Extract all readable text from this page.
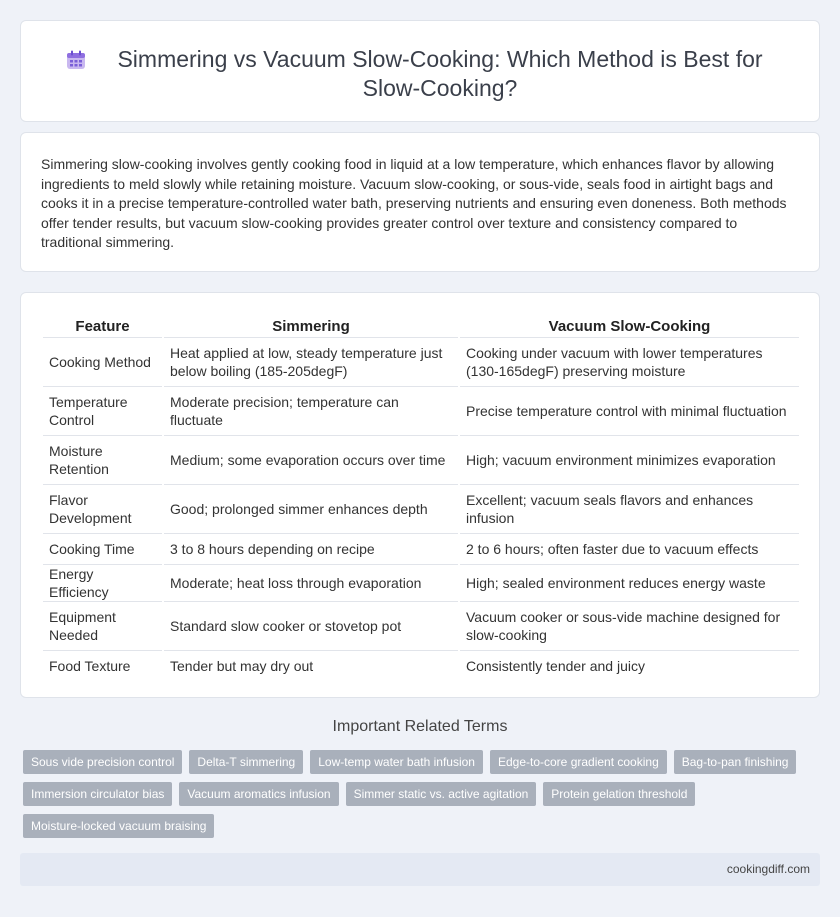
Simmering vs Vacuum Slow-Cooking: Which Method is Best for Slow-Cooking?

Simmering slow-cooking involves gently cooking food in liquid at a low temperature, which enhances flavor by allowing ingredients to meld slowly while retaining moisture. Vacuum slow-cooking, or sous-vide, seals food in airtight bags and cooks it in a precise temperature-controlled water bath, preserving nutrients and ensuring even doneness. Both methods offer tender results, but vacuum slow-cooking provides greater control over texture and consistency compared to traditional simmering.

Feature	Simmering	Vacuum Slow-Cooking
Cooking Method	Heat applied at low, steady temperature just below boiling (185-205degF)	Cooking under vacuum with lower temperatures (130-165degF) preserving moisture
Temperature Control	Moderate precision; temperature can fluctuate	Precise temperature control with minimal fluctuation
Moisture Retention	Medium; some evaporation occurs over time	High; vacuum environment minimizes evaporation
Flavor Development	Good; prolonged simmer enhances depth	Excellent; vacuum seals flavors and enhances infusion
Cooking Time	3 to 8 hours depending on recipe	2 to 6 hours; often faster due to vacuum effects
Energy Efficiency	Moderate; heat loss through evaporation	High; sealed environment reduces energy waste
Equipment Needed	Standard slow cooker or stovetop pot	Vacuum cooker or sous-vide machine designed for slow-cooking
Food Texture	Tender but may dry out	Consistently tender and juicy
Important Related Terms
Sous vide precision control	Delta-T simmering	Low-temp water bath infusion	Edge-to-core gradient cooking	Bag-to-pan finishing
Immersion circulator bias	Vacuum aromatics infusion	Simmer static vs. active agitation	Protein gelation threshold
Moisture-locked vacuum braising
cookingdiff.com
